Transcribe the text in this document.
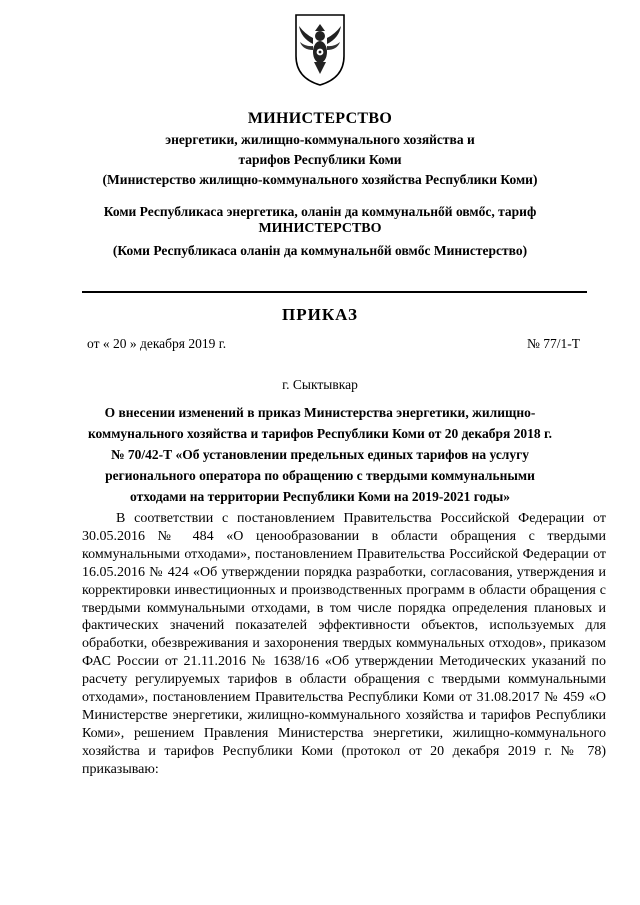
МИНИСТЕРСТВО
энергетики, жилищно-коммунального хозяйства и
тарифов Республики Коми
(Министерство жилищно-коммунального хозяйства Республики Коми)
Коми Республикаса энергетика, оланiн да коммунальнőй овмőс, тариф
МИНИСТЕРСТВО
(Коми Республикаса оланiн да коммунальнőй овмőс Министерство)
ПРИКАЗ
от « 20 » декабря 2019 г.	№ 77/1-Т
г. Сыктывкар
О внесении изменений в приказ Министерства энергетики, жилищно-
коммунального хозяйства и тарифов Республики Коми от 20 декабря 2018 г.
№ 70/42-Т «Об установлении предельных единых тарифов на услугу
регионального оператора по обращению с твердыми коммунальными
отходами на территории Республики Коми на 2019-2021 годы»
В соответствии с постановлением Правительства Российской Федерации от 30.05.2016 № 484 «О ценообразовании в области обращения с твердыми коммунальными отходами», постановлением Правительства Российской Федерации от 16.05.2016 № 424 «Об утверждении порядка разработки, согласования, утверждения и корректировки инвестиционных и производственных программ в области обращения с твердыми коммунальными отходами, в том числе порядка определения плановых и фактических значений показателей эффективности объектов, используемых для обработки, обезвреживания и захоронения твердых коммунальных отходов», приказом ФАС России от 21.11.2016 № 1638/16 «Об утверждении Методических указаний по расчету регулируемых тарифов в области обращения с твердыми коммунальными отходами», постановлением Правительства Республики Коми от 31.08.2017 № 459 «О Министерстве энергетики, жилищно-коммунального хозяйства и тарифов Республики Коми», решением Правления Министерства энергетики, жилищно-коммунального хозяйства и тарифов Республики Коми (протокол от 20 декабря 2019 г. № 78) приказываю:
